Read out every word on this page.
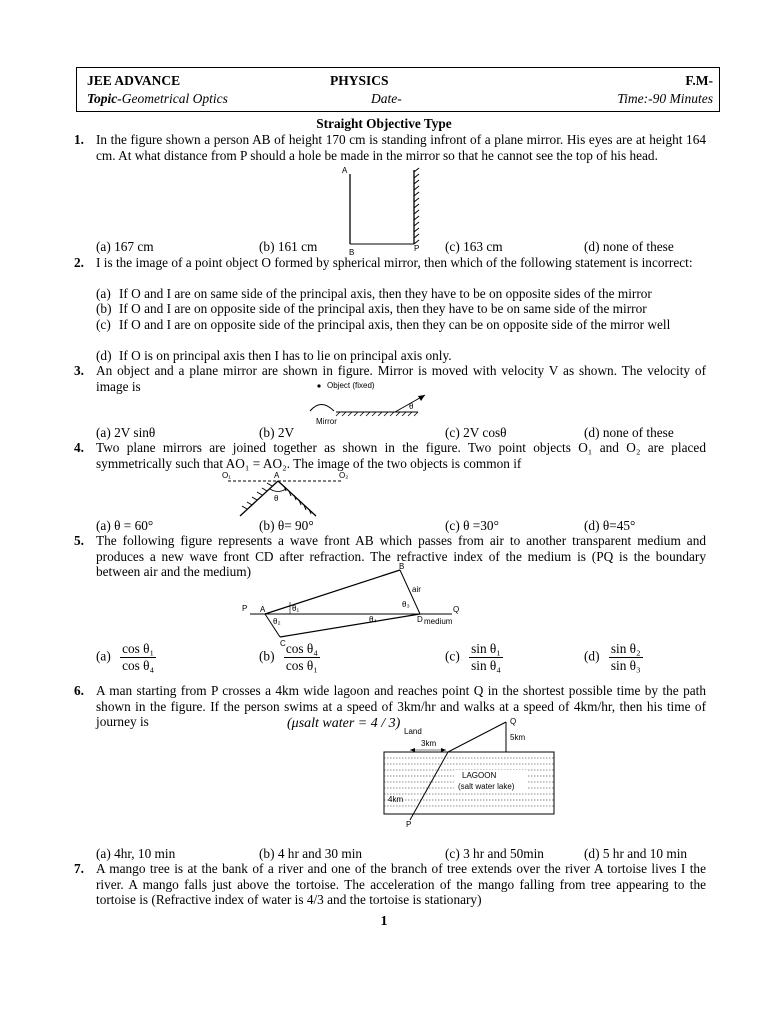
JEE ADVANCE	PHYSICS	F.M-
Topic-Geometrical Optics	Date-	Time:-90 Minutes
Straight Objective Type
1. In the figure shown a person AB of height 170 cm is standing infront of a plane mirror. His eyes are at height 164 cm. At what distance from P should a hole be made in the mirror so that he cannot see the top of his head.
A
B	P
(a) 167 cm	(b) 161 cm	(c) 163 cm	(d) none of these
2. I is the image of a point object O formed by spherical mirror, then which of the following statement is incorrect:
(a) If O and I are on same side of the principal axis, then they have to be on opposite sides of the mirror
(b) If O and I are on opposite side of the principal axis, then they have to be on same side of the mirror
(c) If O and I are on opposite side of the principal axis, then they can be on opposite side of the mirror well
(d) If O is on principal axis then I has to lie on principal axis only.
3. An object and a plane mirror are shown in figure. Mirror is moved with velocity V as shown. The velocity of image is	Object (fixed)
θ
Mirror
(a) 2V sinθ	(b) 2V	(c) 2V cosθ	(d) none of these
4. Two plane mirrors are joined together as shown in the figure. Two point objects O₁ and O₂ are placed symmetrically such that AO₁ = AO₂. The image of the two objects is common if
O₁	A	O₂
θ
(a) θ = 60°	(b) θ= 90°	(c) θ =30°	(d) θ=45°
5. The following figure represents a wave front AB which passes from air to another transparent medium and produces a new wave front CD after refraction. The refractive index of the medium is (PQ is the boundary between air and the medium)
P A
B
C
D
Q
air
medium
θ₁
θ₂
θ₃
θ₄
$(a) \frac{\text{cos θ₁}}{\text{cos θ₄}}$	$(b) \frac{\text{cos θ₄}}{\text{cos θ₁}}$	$(c) \frac{\text{sin θ₁}}{\text{sin θ₄}}$	$(d) \frac{\text{sin θ₂}}{\text{sin θ₃}}$
6. A man starting from P crosses a 4km wide lagoon and reaches point Q in the shortest possible time by the path shown in the figure. If the person swims at a speed of 3km/hr and walks at a speed of 4km/hr, then his time of journey is	(μsalt water = 4 / 3)
LAGOON
(salt water lake)
Land
3km
Q
5km
4km
P
(a) 4hr, 10 min	(b) 4 hr and 30 min	(c) 3 hr and 50min	(d) 5 hr and 10 min
7. A mango tree is at the bank of a river and one of the branch of tree extends over the river A tortoise lives I the river. A mango falls just above the tortoise. The acceleration of the mango falling from tree appearing to the tortoise is (Refractive index of water is 4/3 and the tortoise is stationary)
1
